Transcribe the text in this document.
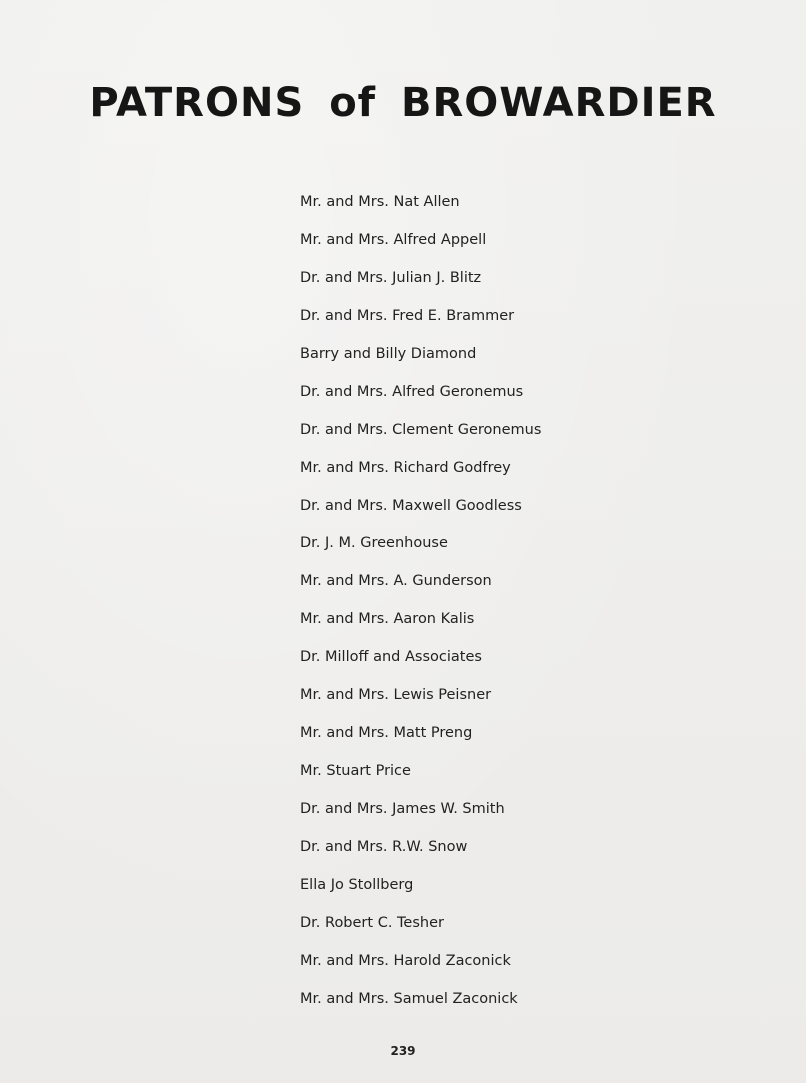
PATRONS of BROWARDIER
Mr. and Mrs. Nat Allen
Mr. and Mrs. Alfred Appell
Dr. and Mrs. Julian J. Blitz
Dr. and Mrs. Fred E. Brammer
Barry and Billy Diamond
Dr. and Mrs. Alfred Geronemus
Dr. and Mrs. Clement Geronemus
Mr. and Mrs. Richard Godfrey
Dr. and Mrs. Maxwell Goodless
Dr. J. M. Greenhouse
Mr. and Mrs. A. Gunderson
Mr. and Mrs. Aaron Kalis
Dr. Milloff and Associates
Mr. and Mrs. Lewis Peisner
Mr. and Mrs. Matt Preng
Mr. Stuart Price
Dr. and Mrs. James W. Smith
Dr. and Mrs. R.W. Snow
Ella Jo Stollberg
Dr. Robert C. Tesher
Mr. and Mrs. Harold Zaconick
Mr. and Mrs. Samuel Zaconick
239
